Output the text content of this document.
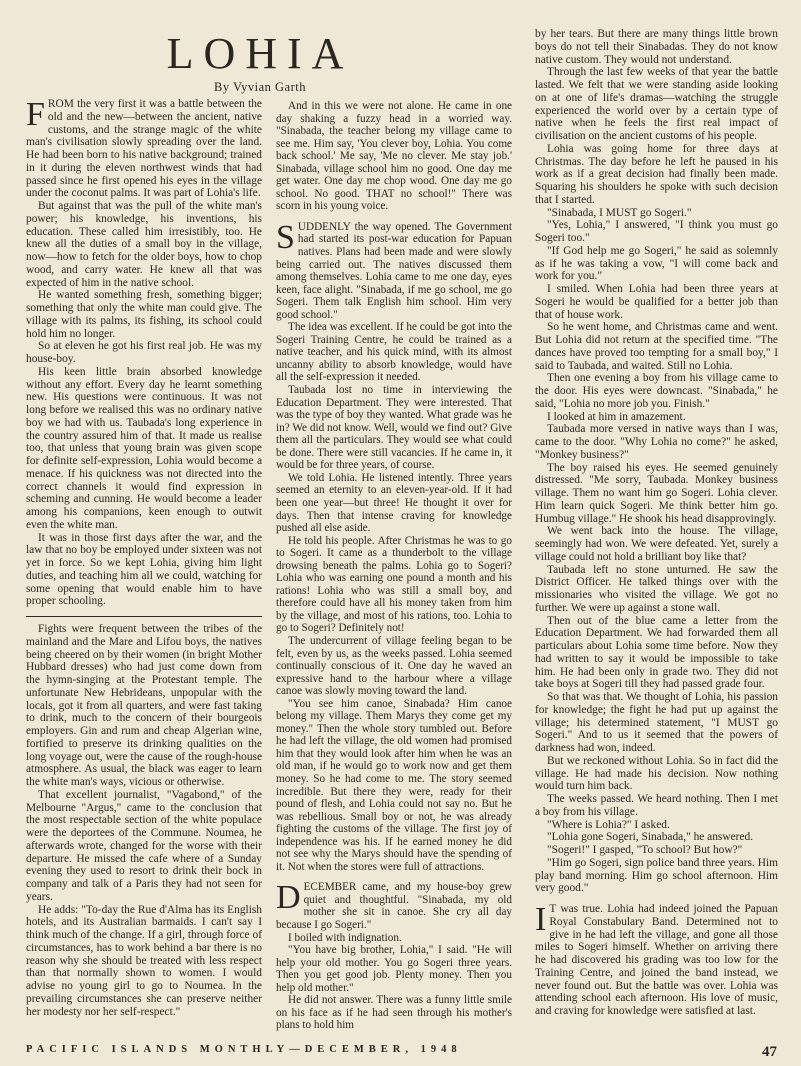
LOHIA
By Vyvian Garth

FROM the very first it was a battle between the old and the new—between the ancient, native customs, and the strange magic of the white man's civilisation slowly spreading over the land. He had been born to his native background; trained in it during the eleven northwest winds that had passed since he first opened his eyes in the village under the coconut palms. It was part of Lohia's life.

But against that was the pull of the white man's power; his knowledge, his inventions, his education. These called him irresistibly, too. He knew all the duties of a small boy in the village, now—how to fetch for the older boys, how to chop wood, and carry water. He knew all that was expected of him in the native school.

He wanted something fresh, something bigger; something that only the white man could give. The village with its palms, its fishing, its school could hold him no longer.

So at eleven he got his first real job. He was my house-boy.

His keen little brain absorbed knowledge without any effort. Every day he learnt something new. His questions were continuous. It was not long before we realised this was no ordinary native boy we had with us. Taubada's long experience in the country assured him of that. It made us realise too, that unless that young brain was given scope for definite self-expression, Lohia would become a menace. If his quickness was not directed into the correct channels it would find expression in scheming and cunning. He would become a leader among his companions, keen enough to outwit even the white man.

It was in those first days after the war, and the law that no boy be employed under sixteen was not yet in force. So we kept Lohia, giving him light duties, and teaching him all we could, watching for some opening that would enable him to have proper schooling.

Fights were frequent between the tribes of the mainland and the Mare and Lifou boys, the natives being cheered on by their women (in bright Mother Hubbard dresses) who had just come down from the hymn-singing at the Protestant temple. The unfortunate New Hebrideans, unpopular with the locals, got it from all quarters, and were fast taking to drink, much to the concern of their bourgeois employers. Gin and rum and cheap Algerian wine, fortified to preserve its drinking qualities on the long voyage out, were the cause of the rough-house atmosphere. As usual, the black was eager to learn the white man's ways, vicious or otherwise.

That excellent journalist, "Vagabond," of the Melbourne "Argus," came to the conclusion that the most respectable section of the white populace were the deportees of the Commune. Noumea, he afterwards wrote, changed for the worse with their departure. He missed the cafe where of a Sunday evening they used to resort to drink their bock in company and talk of a Paris they had not seen for years.

He adds: "To-day the Rue d'Alma has its English hotels, and its Australian barmaids. I can't say I think much of the change. If a girl, through force of circumstances, has to work behind a bar there is no reason why she should be treated with less respect than that normally shown to women. I would advise no young girl to go to Noumea. In the prevailing circumstances she can preserve neither her modesty nor her self-respect."

And in this we were not alone. He came in one day shaking a fuzzy head in a worried way. "Sinabada, the teacher belong my village came to see me. Him say, 'You clever boy, Lohia. You come back school.' Me say, 'Me no clever. Me stay job.' Sinabada, village school him no good. One day me get water. One day me chop wood. One day me go school. No good. THAT no school!" There was scorn in his young voice.

SUDDENLY the way opened. The Government had started its post-war education for Papuan natives. Plans had been made and were slowly being carried out. The natives discussed them among themselves. Lohia came to me one day, eyes keen, face alight. "Sinabada, if me go school, me go Sogeri. Them talk English him school. Him very good school."

The idea was excellent. If he could be got into the Sogeri Training Centre, he could be trained as a native teacher, and his quick mind, with its almost uncanny ability to absorb knowledge, would have all the self-expression it needed.

Taubada lost no time in interviewing the Education Department. They were interested. That was the type of boy they wanted. What grade was he in? We did not know. Well, would we find out? Give them all the particulars. They would see what could be done. There were still vacancies. If he came in, it would be for three years, of course.

We told Lohia. He listened intently. Three years seemed an eternity to an eleven-year-old. If it had been one year—but three! He thought it over for days. Then that intense craving for knowledge pushed all else aside.

He told his people. After Christmas he was to go to Sogeri. It came as a thunderbolt to the village drowsing beneath the palms. Lohia go to Sogeri? Lohia who was earning one pound a month and his rations! Lohia who was still a small boy, and therefore could have all his money taken from him by the village, and most of his rations, too. Lohia to go to Sogeri? Definitely not!

The undercurrent of village feeling began to be felt, even by us, as the weeks passed. Lohia seemed continually conscious of it. One day he waved an expressive hand to the harbour where a village canoe was slowly moving toward the land.

"You see him canoe, Sinabada? Him canoe belong my village. Them Marys they come get my money." Then the whole story tumbled out. Before he had left the village, the old women had promised him that they would look after him when he was an old man, if he would go to work now and get them money. So he had come to me. The story seemed incredible. But there they were, ready for their pound of flesh, and Lohia could not say no. But he was rebellious. Small boy or not, he was already fighting the customs of the village. The first joy of independence was his. If he earned money he did not see why the Marys should have the spending of it. Not when the stores were full of attractions.

DECEMBER came, and my house-boy grew quiet and thoughtful. "Sinabada, my old mother she sit in canoe. She cry all day because I go Sogeri."

I boiled with indignation.

"You have big brother, Lohia," I said. "He will help your old mother. You go Sogeri three years. Then you get good job. Plenty money. Then you help old mother."

He did not answer. There was a funny little smile on his face as if he had seen through his mother's plans to hold him

by her tears. But there are many things little brown boys do not tell their Sinabadas. They do not know native custom. They would not understand.

Through the last few weeks of that year the battle lasted. We felt that we were standing aside looking on at one of life's dramas—watching the struggle experienced the world over by a certain type of native when he feels the first real impact of civilisation on the ancient customs of his people.

Lohia was going home for three days at Christmas. The day before he left he paused in his work as if a great decision had finally been made. Squaring his shoulders he spoke with such decision that I started.

"Sinabada, I MUST go Sogeri."

"Yes, Lohia," I answered, "I think you must go Sogeri too."

"If God help me go Sogeri," he said as solemnly as if he was taking a vow, "I will come back and work for you."

I smiled. When Lohia had been three years at Sogeri he would be qualified for a better job than that of house work.

So he went home, and Christmas came and went. But Lohia did not return at the specified time. "The dances have proved too tempting for a small boy," I said to Taubada, and waited. Still no Lohia.

Then one evening a boy from his village came to the door. His eyes were downcast. "Sinabada," he said, "Lohia no more job you. Finish."

I looked at him in amazement.

Taubada more versed in native ways than I was, came to the door. "Why Lohia no come?" he asked, "Monkey business?"

The boy raised his eyes. He seemed genuinely distressed. "Me sorry, Taubada. Monkey business village. Them no want him go Sogeri. Lohia clever. Him learn quick Sogeri. Me think better him go. Humbug village." He shook his head disapprovingly.

We went back into the house. The village, seemingly had won. We were defeated. Yet, surely a village could not hold a brilliant boy like that?

Taubada left no stone unturned. He saw the District Officer. He talked things over with the missionaries who visited the village. We got no further. We were up against a stone wall.

Then out of the blue came a letter from the Education Department. We had forwarded them all particulars about Lohia some time before. Now they had written to say it would be impossible to take him. He had been only in grade two. They did not take boys at Sogeri till they had passed grade four.

So that was that. We thought of Lohia, his passion for knowledge; the fight he had put up against the village; his determined statement, "I MUST go Sogeri." And to us it seemed that the powers of darkness had won, indeed.

But we reckoned without Lohia. So in fact did the village. He had made his decision. Now nothing would turn him back.

The weeks passed. We heard nothing. Then I met a boy from his village.

"Where is Lohia?" I asked.

"Lohia gone Sogeri, Sinabada," he answered.

"Sogeri!" I gasped, "To school? But how?"

"Him go Sogeri, sign police band three years. Him play band morning. Him go school afternoon. Him very good."

I T was true. Lohia had indeed joined the Papuan Royal Constabulary Band. Determined not to give in he had left the village, and gone all those miles to Sogeri himself. Whether on arriving there he had discovered his grading was too low for the Training Centre, and joined the band instead, we never found out. But the battle was over. Lohia was attending school each afternoon. His love of music, and craving for knowledge were satisfied at last.

PACIFIC ISLANDS MONTHLY—DECEMBER, 1948	47
